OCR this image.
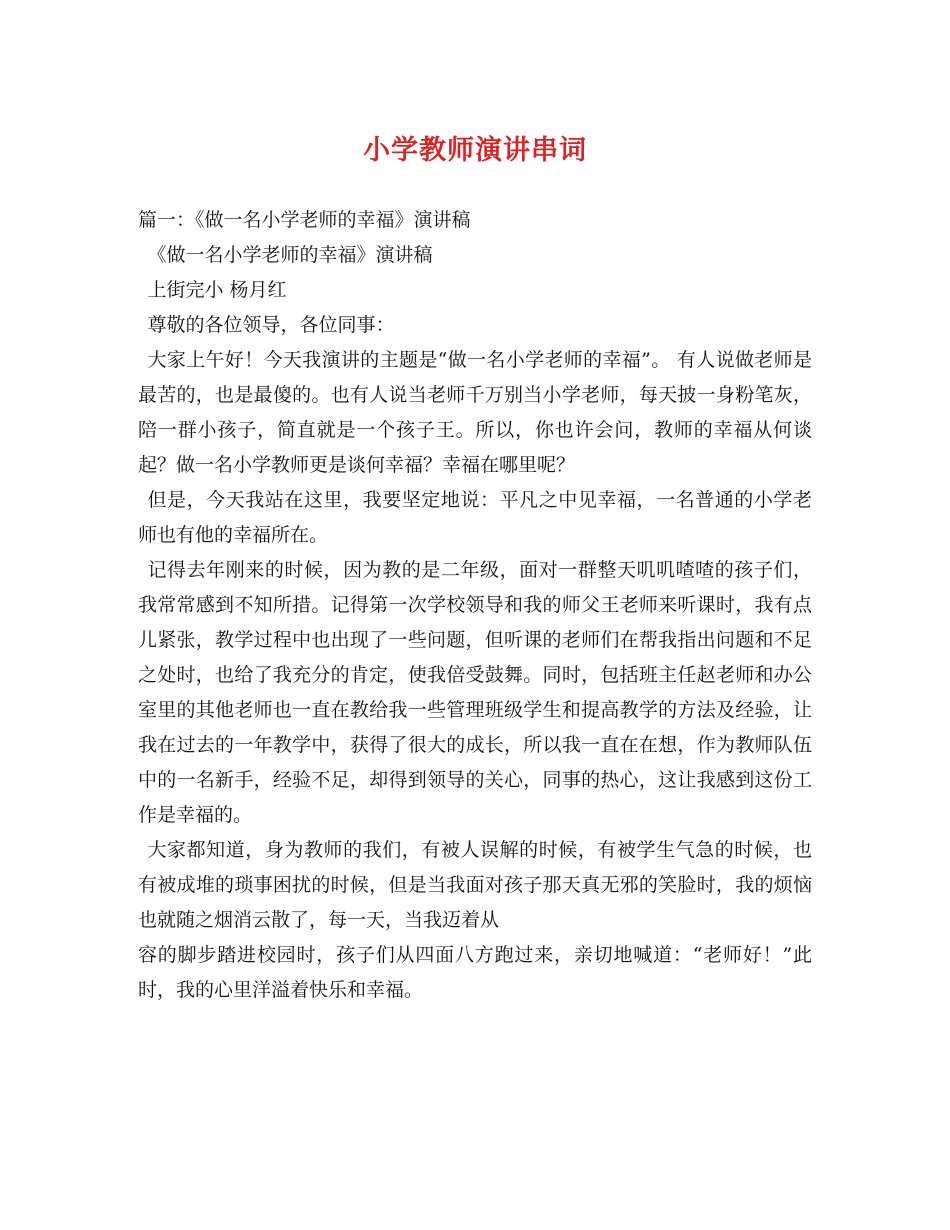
小学教师演讲串词

篇一：《做一名小学老师的幸福》演讲稿

《做一名小学老师的幸福》演讲稿

上街完小 杨月红

尊敬的各位领导，各位同事：

大家上午好！今天我演讲的主题是“做一名小学老师的幸福”。 有人说做老师是最苦的，也是最傻的。也有人说当老师千万别当小学老师，每天披一身粉笔灰，陪一群小孩子，简直就是一个孩子王。所以，你也许会问，教师的幸福从何谈起？做一名小学教师更是谈何幸福？幸福在哪里呢？

但是，今天我站在这里，我要坚定地说：平凡之中见幸福，一名普通的小学老师也有他的幸福所在。

记得去年刚来的时候，因为教的是二年级，面对一群整天叽叽喳喳的孩子们，我常常感到不知所措。记得第一次学校领导和我的师父王老师来听课时，我有点儿紧张，教学过程中也出现了一些问题，但听课的老师们在帮我指出问题和不足之处时，也给了我充分的肯定，使我倍受鼓舞。同时，包括班主任赵老师和办公室里的其他老师也一直在教给我一些管理班级学生和提高教学的方法及经验，让我在过去的一年教学中，获得了很大的成长，所以我一直在在想，作为教师队伍中的一名新手，经验不足，却得到领导的关心，同事的热心，这让我感到这份工作是幸福的。

大家都知道，身为教师的我们，有被人误解的时候，有被学生气急的时候，也有被成堆的琐事困扰的时候，但是当我面对孩子那天真无邪的笑脸时，我的烦恼也就随之烟消云散了，每一天，当我迈着从

容的脚步踏进校园时，孩子们从四面八方跑过来，亲切地喊道：“老师好！”此时，我的心里洋溢着快乐和幸福。
